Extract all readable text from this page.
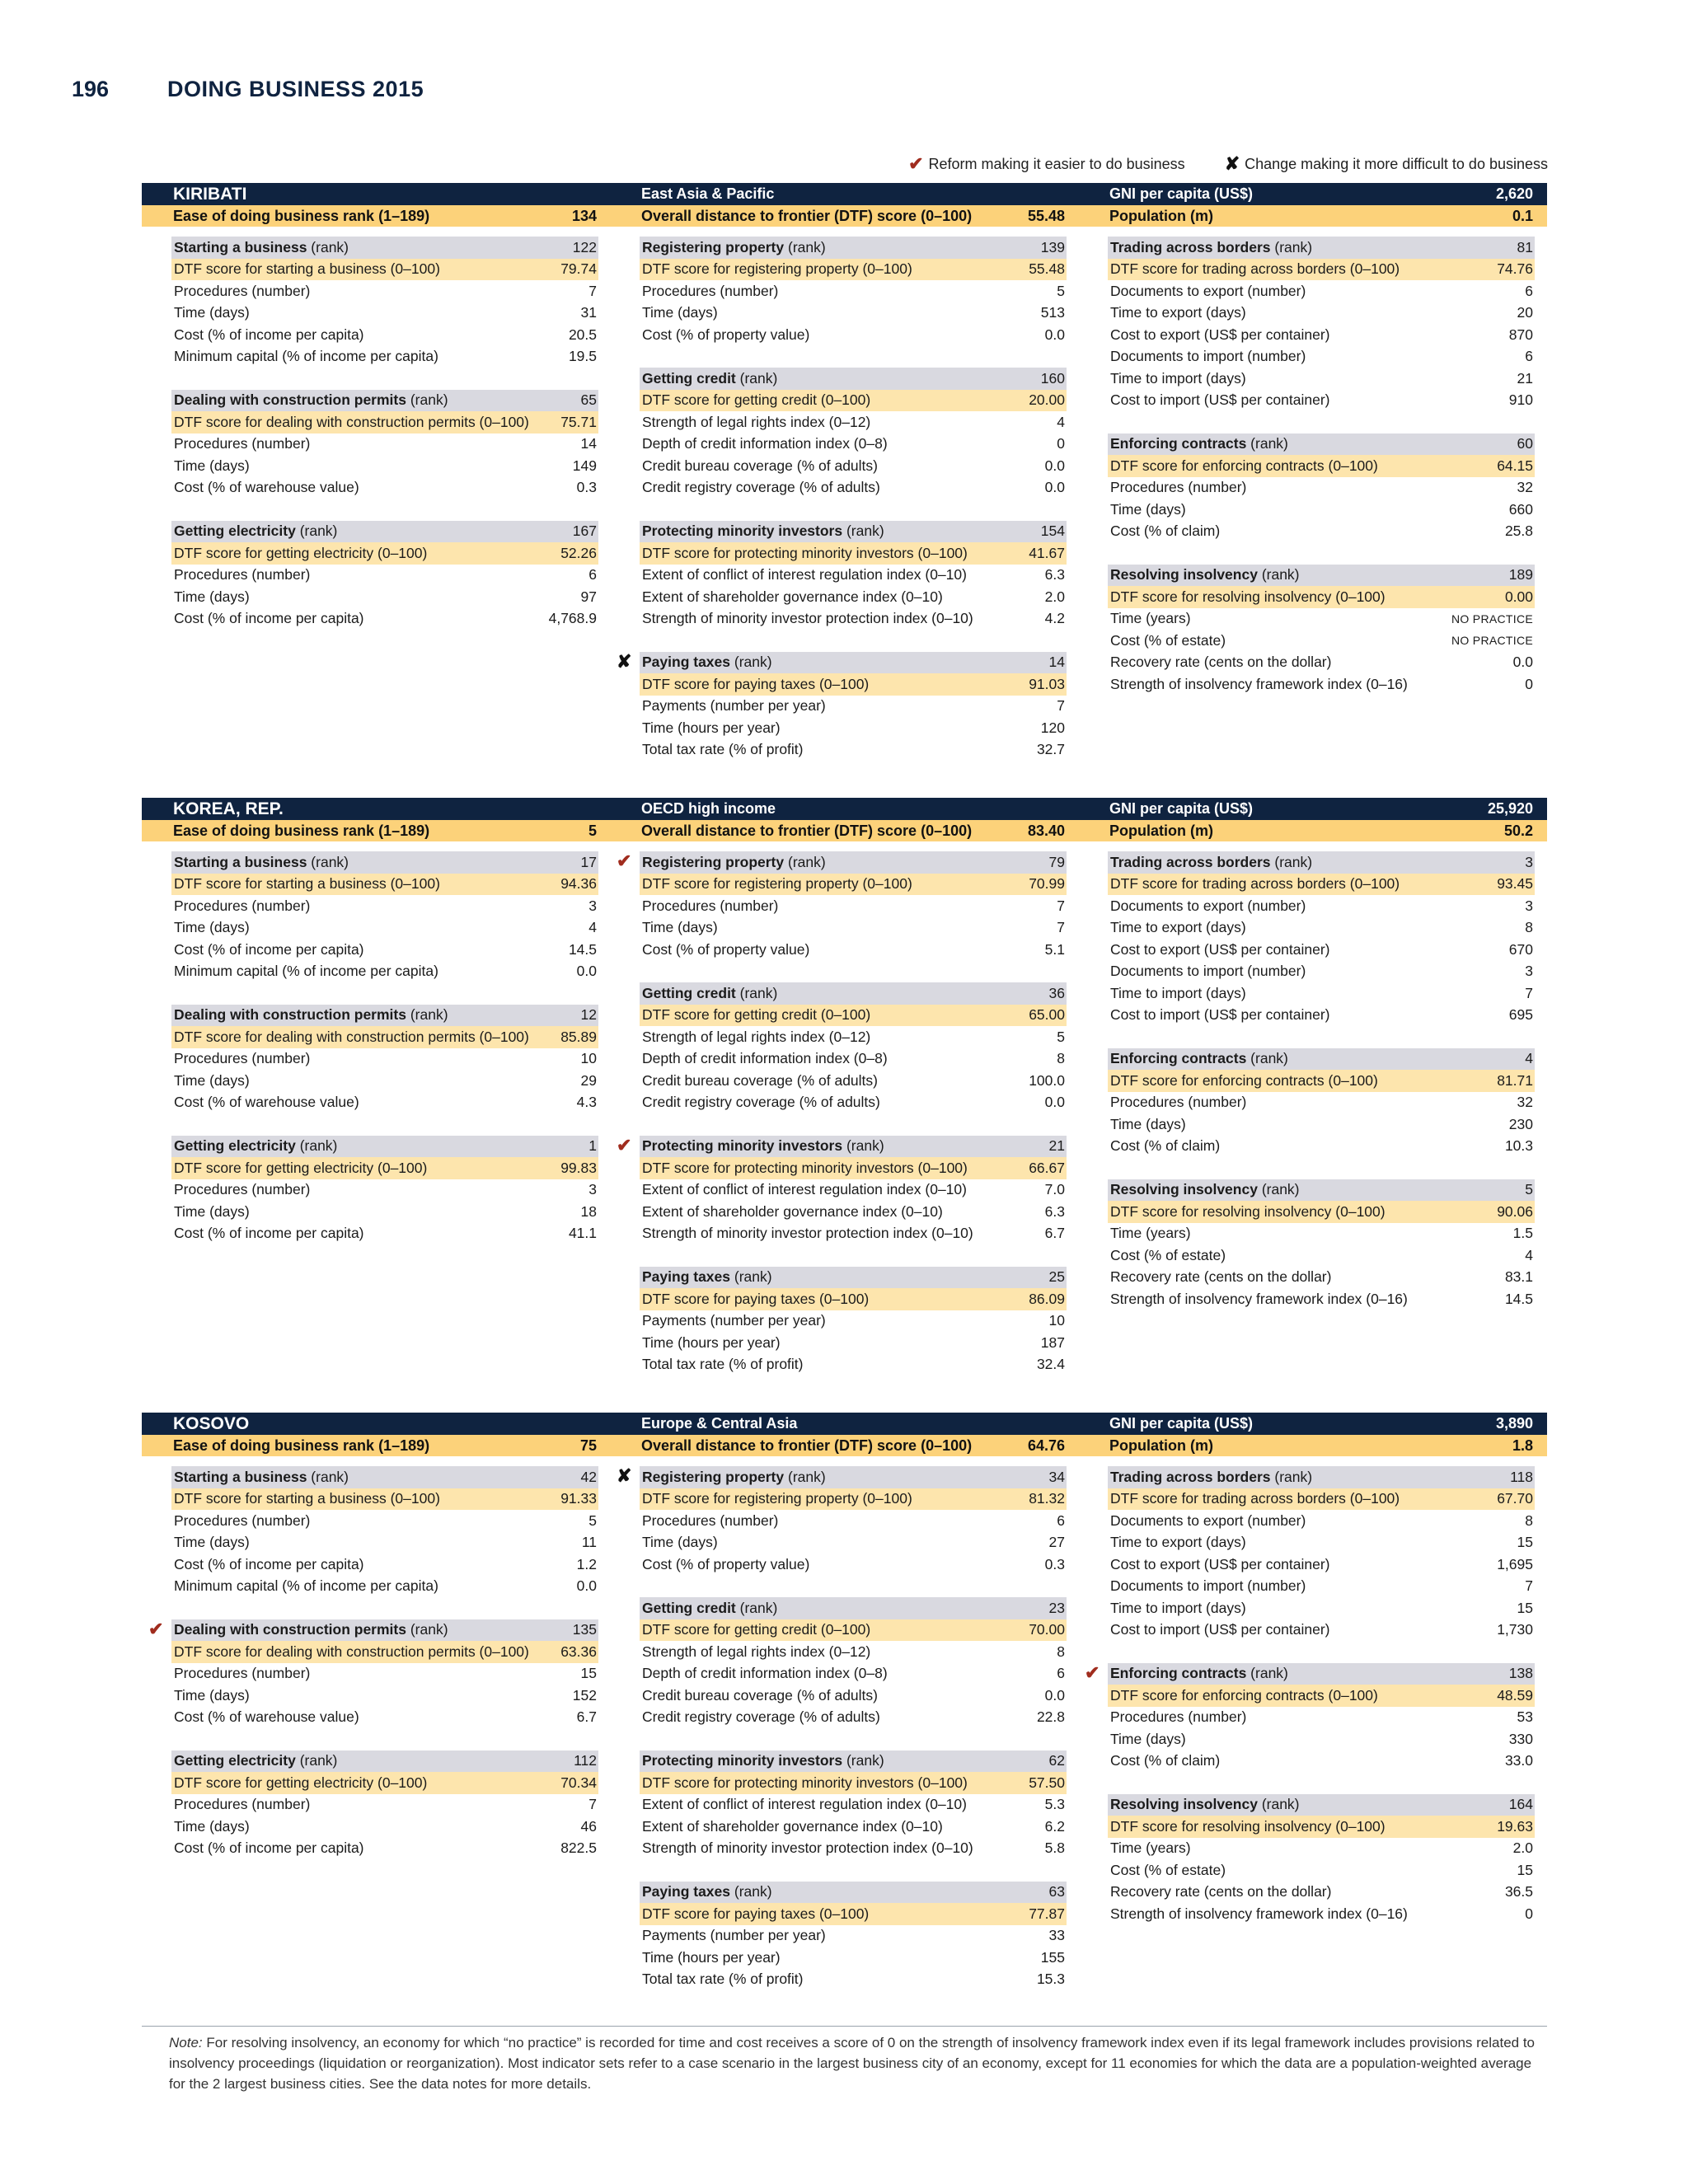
196	DOING BUSINESS 2015
✔ Reform making it easier to do business ✘ Change making it more difficult to do business
KIRIBATI	East Asia & Pacific	GNI per capita (US$)	2,620
Ease of doing business rank (1–189)	134	Overall distance to frontier (DTF) score (0–100)	55.48	Population (m)	0.1
Starting a business (rank)	122
DTF score for starting a business (0–100)	79.74
Procedures (number)	7
Time (days)	31
Cost (% of income per capita)	20.5
Minimum capital (% of income per capita)	19.5
Dealing with construction permits (rank)	65
DTF score for dealing with construction permits (0–100) 75.71
Procedures (number)	14
Time (days)	149
Cost (% of warehouse value)	0.3
Getting electricity (rank)	167
DTF score for getting electricity (0–100)	52.26
Procedures (number)	6
Time (days)	97
Cost (% of income per capita)	4,768.9
Registering property (rank)	139
DTF score for registering property (0–100)	55.48
Procedures (number)	5
Time (days)	513
Cost (% of property value)	0.0
Getting credit (rank)	160
DTF score for getting credit (0–100)	20.00
Strength of legal rights index (0–12)	4
Depth of credit information index (0–8)	0
Credit bureau coverage (% of adults)	0.0
Credit registry coverage (% of adults)	0.0
Protecting minority investors (rank)	154
DTF score for protecting minority investors (0–100)	41.67
Extent of conflict of interest regulation index (0–10)	6.3
Extent of shareholder governance index (0–10)	2.0
Strength of minority investor protection index (0–10)	4.2
✘ Paying taxes (rank)	14
DTF score for paying taxes (0–100)	91.03
Payments (number per year)	7
Time (hours per year)	120
Total tax rate (% of profit)	32.7
Trading across borders (rank)	81
DTF score for trading across borders (0–100)	74.76
Documents to export (number)	6
Time to export (days)	20
Cost to export (US$ per container)	870
Documents to import (number)	6
Time to import (days)	21
Cost to import (US$ per container)	910
Enforcing contracts (rank)	60
DTF score for enforcing contracts (0–100)	64.15
Procedures (number)	32
Time (days)	660
Cost (% of claim)	25.8
Resolving insolvency (rank)	189
DTF score for resolving insolvency (0–100)	0.00
Time (years)	NO PRACTICE
Cost (% of estate)	NO PRACTICE
Recovery rate (cents on the dollar)	0.0
Strength of insolvency framework index (0–16)	0
KOREA, REP.	OECD high income	GNI per capita (US$)	25,920
Ease of doing business rank (1–189)	5	Overall distance to frontier (DTF) score (0–100)	83.40	Population (m)	50.2
Starting a business (rank)	17
DTF score for starting a business (0–100)	94.36
Procedures (number)	3
Time (days)	4
Cost (% of income per capita)	14.5
Minimum capital (% of income per capita)	0.0
Dealing with construction permits (rank)	12
DTF score for dealing with construction permits (0–100) 85.89
Procedures (number)	10
Time (days)	29
Cost (% of warehouse value)	4.3
Getting electricity (rank)	1
DTF score for getting electricity (0–100)	99.83
Procedures (number)	3
Time (days)	18
Cost (% of income per capita)	41.1
✔ Registering property (rank)	79
DTF score for registering property (0–100)	70.99
Procedures (number)	7
Time (days)	7
Cost (% of property value)	5.1
Getting credit (rank)	36
DTF score for getting credit (0–100)	65.00
Strength of legal rights index (0–12)	5
Depth of credit information index (0–8)	8
Credit bureau coverage (% of adults)	100.0
Credit registry coverage (% of adults)	0.0
✔ Protecting minority investors (rank)	21
DTF score for protecting minority investors (0–100)	66.67
Extent of conflict of interest regulation index (0–10)	7.0
Extent of shareholder governance index (0–10)	6.3
Strength of minority investor protection index (0–10)	6.7
Paying taxes (rank)	25
DTF score for paying taxes (0–100)	86.09
Payments (number per year)	10
Time (hours per year)	187
Total tax rate (% of profit)	32.4
Trading across borders (rank)	3
DTF score for trading across borders (0–100)	93.45
Documents to export (number)	3
Time to export (days)	8
Cost to export (US$ per container)	670
Documents to import (number)	3
Time to import (days)	7
Cost to import (US$ per container)	695
Enforcing contracts (rank)	4
DTF score for enforcing contracts (0–100)	81.71
Procedures (number)	32
Time (days)	230
Cost (% of claim)	10.3
Resolving insolvency (rank)	5
DTF score for resolving insolvency (0–100)	90.06
Time (years)	1.5
Cost (% of estate)	4
Recovery rate (cents on the dollar)	83.1
Strength of insolvency framework index (0–16)	14.5
KOSOVO	Europe & Central Asia	GNI per capita (US$)	3,890
Ease of doing business rank (1–189)	75	Overall distance to frontier (DTF) score (0–100)	64.76	Population (m)	1.8
Starting a business (rank)	42
DTF score for starting a business (0–100)	91.33
Procedures (number)	5
Time (days)	11
Cost (% of income per capita)	1.2
Minimum capital (% of income per capita)	0.0
✔ Dealing with construction permits (rank)	135
DTF score for dealing with construction permits (0–100) 63.36
Procedures (number)	15
Time (days)	152
Cost (% of warehouse value)	6.7
Getting electricity (rank)	112
DTF score for getting electricity (0–100)	70.34
Procedures (number)	7
Time (days)	46
Cost (% of income per capita)	822.5
✘ Registering property (rank)	34
DTF score for registering property (0–100)	81.32
Procedures (number)	6
Time (days)	27
Cost (% of property value)	0.3
Getting credit (rank)	23
DTF score for getting credit (0–100)	70.00
Strength of legal rights index (0–12)	8
Depth of credit information index (0–8)	6
Credit bureau coverage (% of adults)	0.0
Credit registry coverage (% of adults)	22.8
Protecting minority investors (rank)	62
DTF score for protecting minority investors (0–100)	57.50
Extent of conflict of interest regulation index (0–10)	5.3
Extent of shareholder governance index (0–10)	6.2
Strength of minority investor protection index (0–10)	5.8
Paying taxes (rank)	63
DTF score for paying taxes (0–100)	77.87
Payments (number per year)	33
Time (hours per year)	155
Total tax rate (% of profit)	15.3
Trading across borders (rank)	118
DTF score for trading across borders (0–100)	67.70
Documents to export (number)	8
Time to export (days)	15
Cost to export (US$ per container)	1,695
Documents to import (number)	7
Time to import (days)	15
Cost to import (US$ per container)	1,730
✔ Enforcing contracts (rank)	138
DTF score for enforcing contracts (0–100)	48.59
Procedures (number)	53
Time (days)	330
Cost (% of claim)	33.0
Resolving insolvency (rank)	164
DTF score for resolving insolvency (0–100)	19.63
Time (years)	2.0
Cost (% of estate)	15
Recovery rate (cents on the dollar)	36.5
Strength of insolvency framework index (0–16)	0
Note: For resolving insolvency, an economy for which “no practice” is recorded for time and cost receives a score of 0 on the strength of insolvency framework index even if its legal framework includes provisions related to insolvency proceedings (liquidation or reorganization). Most indicator sets refer to a case scenario in the largest business city of an economy, except for 11 economies for which the data are a population-weighted average for the 2 largest business cities. See the data notes for more details.
